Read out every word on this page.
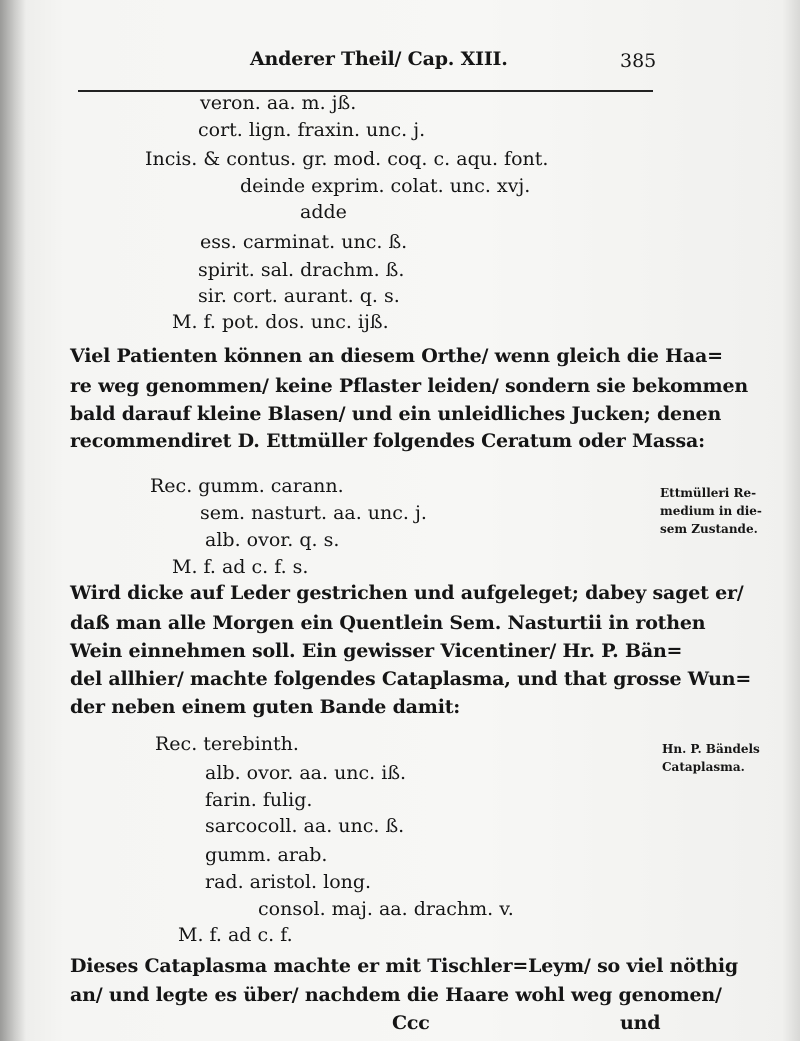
Anderer Theil/ Cap. XIII.	385
veron. aa. m. jß.
cort. lign. fraxin. unc. j.
Incis. & contus. gr. mod. coq. c. aqu. font.
deinde exprim. colat. unc. xvj.
adde
ess. carminat. unc. ß.
spirit. sal. drachm. ß.
sir. cort. aurant. q. s.
M. f. pot. dos. unc. ijß.
Viel Patienten können an diesem Orthe/ wenn gleich die Haa=
re weg genommen/ keine Pflaster leiden/ sondern sie bekommen
bald darauf kleine Blasen/ und ein unleidliches Jucken; denen
recommendiret D. Ettmüller folgendes Ceratum oder Massa:
Rec. gumm. carann.
sem. nasturt. aa. unc. j.
alb. ovor. q. s.
M. f. ad c. f. s.
Ettmülleri Re-
medium in die-
sem Zustande.
Wird dicke auf Leder gestrichen und aufgeleget; dabey saget er/
daß man alle Morgen ein Quentlein Sem. Nasturtii in rothen
Wein einnehmen soll. Ein gewisser Vicentiner/ Hr. P. Bän=
del allhier/ machte folgendes Cataplasma, und that grosse Wun=
der neben einem guten Bande damit:
Rec. terebinth.
alb. ovor. aa. unc. iß.
farin. fulig.
sarcocoll. aa. unc. ß.
gumm. arab.
rad. aristol. long.
consol. maj. aa. drachm. v.
M. f. ad c. f.
Hn. P. Bändels
Cataplasma.
Dieses Cataplasma machte er mit Tischler=Leym/ so viel nöthig
an/ und legte es über/ nachdem die Haare wohl weg genomen/
Ccc	und
